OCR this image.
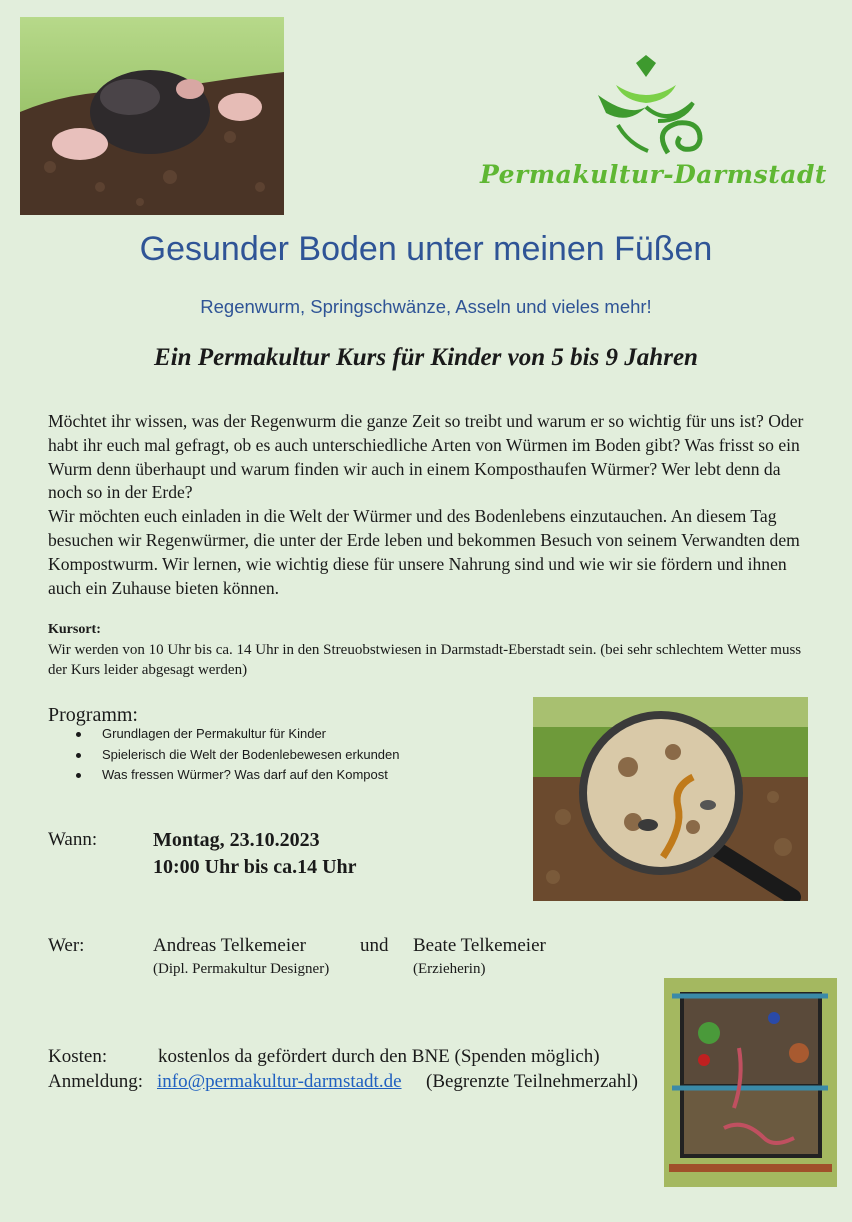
Permakultur-Darmstadt
Gesunder Boden unter meinen Füßen
Regenwurm, Springschwänze, Asseln und vieles mehr!
Ein Permakultur Kurs für Kinder von 5 bis 9 Jahren

Möchtet ihr wissen, was der Regenwurm die ganze Zeit so treibt und warum er so wichtig für uns ist? Oder habt ihr euch mal gefragt, ob es auch unterschiedliche Arten von Würmen im Boden gibt? Was frisst so ein Wurm denn überhaupt und warum finden wir auch in einem Komposthaufen Würmer? Wer lebt denn da noch so in der Erde?

Wir möchten euch einladen in die Welt der Würmer und des Bodenlebens einzutauchen. An diesem Tag besuchen wir Regenwürmer, die unter der Erde leben und bekommen Besuch von seinem Verwandten dem Kompostwurm. Wir lernen, wie wichtig diese für unsere Nahrung sind und wie wir sie fördern und ihnen auch ein Zuhause bieten können.

Kursort:
Wir werden von 10 Uhr bis ca. 14 Uhr in den Streuobstwiesen in Darmstadt-Eberstadt sein. (bei sehr schlechtem Wetter muss der Kurs leider abgesagt werden)
Programm:
Grundlagen der Permakultur für Kinder
Spielerisch die Welt der Bodenlebewesen erkunden
Was fressen Würmer? Was darf auf den Kompost
Wann:	Montag, 23.10.2023
10:00 Uhr bis ca.14 Uhr
Wer:	Andreas Telkemeier	und Beate Telkemeier
(Dipl. Permakultur Designer)	(Erzieherin)
Kosten:	kostenlos da gefördert durch den BNE (Spenden möglich)
Anmeldung: info@permakultur-darmstadt.de (Begrenzte Teilnehmerzahl)
